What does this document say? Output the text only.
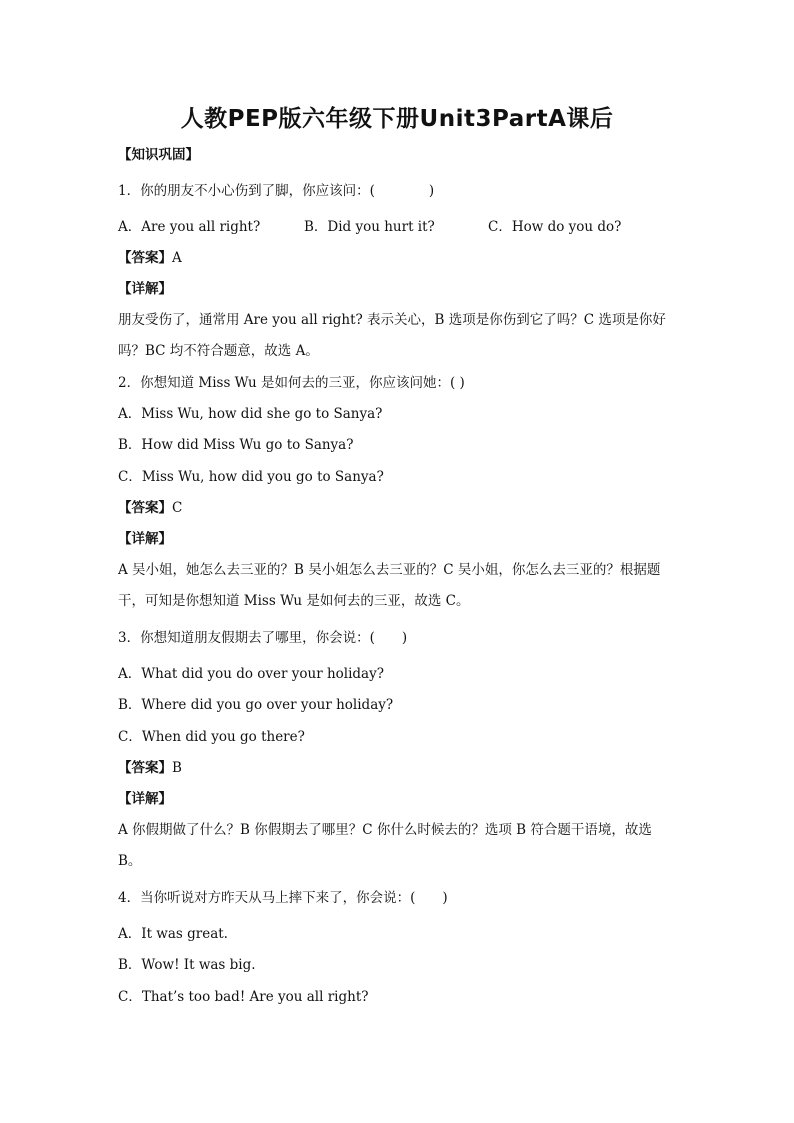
人教PEP版六年级下册Unit3PartA课后
【知识巩固】
1．你的朋友不小心伤到了脚，你应该问：(　　　　)
A．Are you all right?	B．Did you hurt it?	C．How do you do?
【答案】A
【详解】
朋友受伤了，通常用 Are you all right? 表示关心，B 选项是你伤到它了吗？C 选项是你好吗？BC 均不符合题意，故选 A。
2．你想知道 Miss Wu 是如何去的三亚，你应该问她：( )
A．Miss Wu, how did she go to Sanya?
B．How did Miss Wu go to Sanya?
C．Miss Wu, how did you go to Sanya?
【答案】C
【详解】
A 吴小姐，她怎么去三亚的？B 吴小姐怎么去三亚的？C 吴小姐，你怎么去三亚的？根据题干，可知是你想知道 Miss Wu 是如何去的三亚，故选 C。
3．你想知道朋友假期去了哪里，你会说：(　　)
A．What did you do over your holiday?
B．Where did you go over your holiday?
C．When did you go there?
【答案】B
【详解】
A 你假期做了什么？B 你假期去了哪里？C 你什么时候去的？选项 B 符合题干语境，故选 B。
4．当你听说对方昨天从马上摔下来了，你会说：(　　)
A．It was great.
B．Wow! It was big.
C．That’s too bad! Are you all right?
